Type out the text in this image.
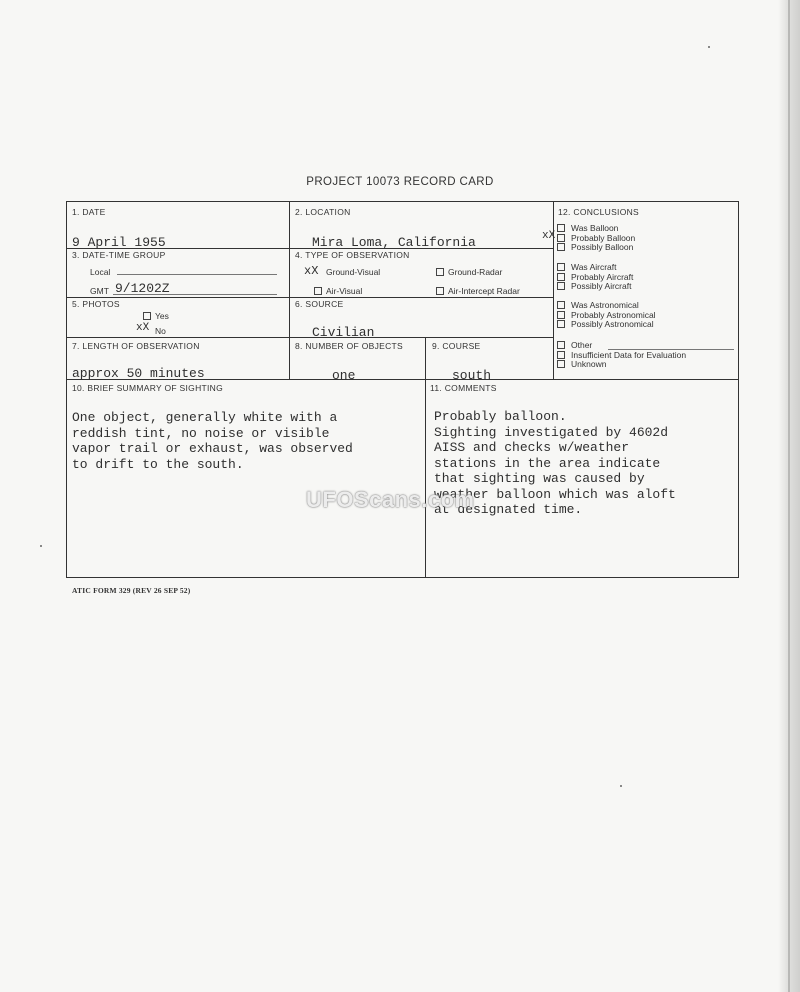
PROJECT 10073 RECORD CARD
1. DATE
9 April 1955
2. LOCATION
Mira Loma, California
3. DATE-TIME GROUP
Local
GMT 9/1202Z
4. TYPE OF OBSERVATION
xX Ground-Visual	Ground-Radar
Air-Visual	Air-Intercept Radar
5. PHOTOS
Yes
xX No
6. SOURCE
Civilian
7. LENGTH OF OBSERVATION
approx 50 minutes
8. NUMBER OF OBJECTS
one
9. COURSE
south
10. BRIEF SUMMARY OF SIGHTING
One object, generally white with a
reddish tint, no noise or visible
vapor trail or exhaust, was observed
to drift to the south.
11. COMMENTS
Probably balloon.
Sighting investigated by 4602d
AISS and checks w/weather
stations in the area indicate
that sighting was caused by
weather balloon which was aloft
at designated time.
12. CONCLUSIONS
xX
Was Balloon
Probably Balloon
Possibly Balloon
Was Aircraft
Probably Aircraft
Possibly Aircraft
Was Astronomical
Probably Astronomical
Possibly Astronomical
Other
Insufficient Data for Evaluation
Unknown
ATIC FORM 329 (REV 26 SEP 52)
UFOScans.com
